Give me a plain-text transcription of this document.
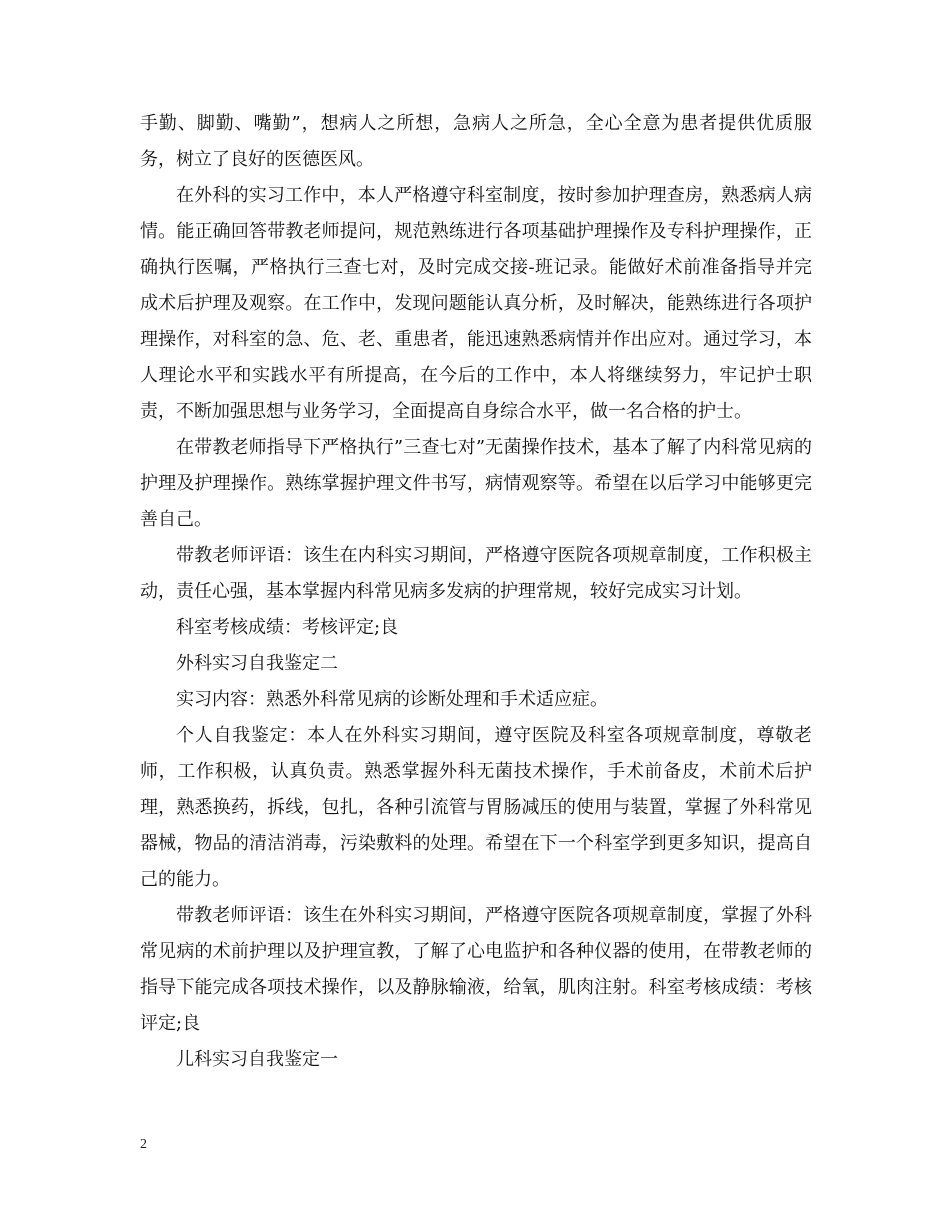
手勤、脚勤、嘴勤”，想病人之所想，急病人之所急，全心全意为患者提供优质服务，树立了良好的医德医风。

在外科的实习工作中，本人严格遵守科室制度，按时参加护理查房，熟悉病人病情。能正确回答带教老师提问，规范熟练进行各项基础护理操作及专科护理操作，正确执行医嘱，严格执行三查七对，及时完成交接-班记录。能做好术前准备指导并完成术后护理及观察。在工作中，发现问题能认真分析，及时解决，能熟练进行各项护理操作，对科室的急、危、老、重患者，能迅速熟悉病情并作出应对。通过学习，本人理论水平和实践水平有所提高，在今后的工作中，本人将继续努力，牢记护士职责，不断加强思想与业务学习，全面提高自身综合水平，做一名合格的护士。

在带教老师指导下严格执行”三查七对”无菌操作技术，基本了解了内科常见病的护理及护理操作。熟练掌握护理文件书写，病情观察等。希望在以后学习中能够更完善自己。

带教老师评语：该生在内科实习期间，严格遵守医院各项规章制度，工作积极主动，责任心强，基本掌握内科常见病多发病的护理常规，较好完成实习计划。

科室考核成绩：考核评定;良

外科实习自我鉴定二

实习内容：熟悉外科常见病的诊断处理和手术适应症。

个人自我鉴定：本人在外科实习期间，遵守医院及科室各项规章制度，尊敬老师，工作积极，认真负责。熟悉掌握外科无菌技术操作，手术前备皮，术前术后护理，熟悉换药，拆线，包扎，各种引流管与胃肠减压的使用与装置，掌握了外科常见器械，物品的清洁消毒，污染敷料的处理。希望在下一个科室学到更多知识，提高自己的能力。

带教老师评语：该生在外科实习期间，严格遵守医院各项规章制度，掌握了外科常见病的术前护理以及护理宣教，了解了心电监护和各种仪器的使用，在带教老师的指导下能完成各项技术操作，以及静脉输液，给氧，肌肉注射。科室考核成绩：考核评定;良

儿科实习自我鉴定一

2
